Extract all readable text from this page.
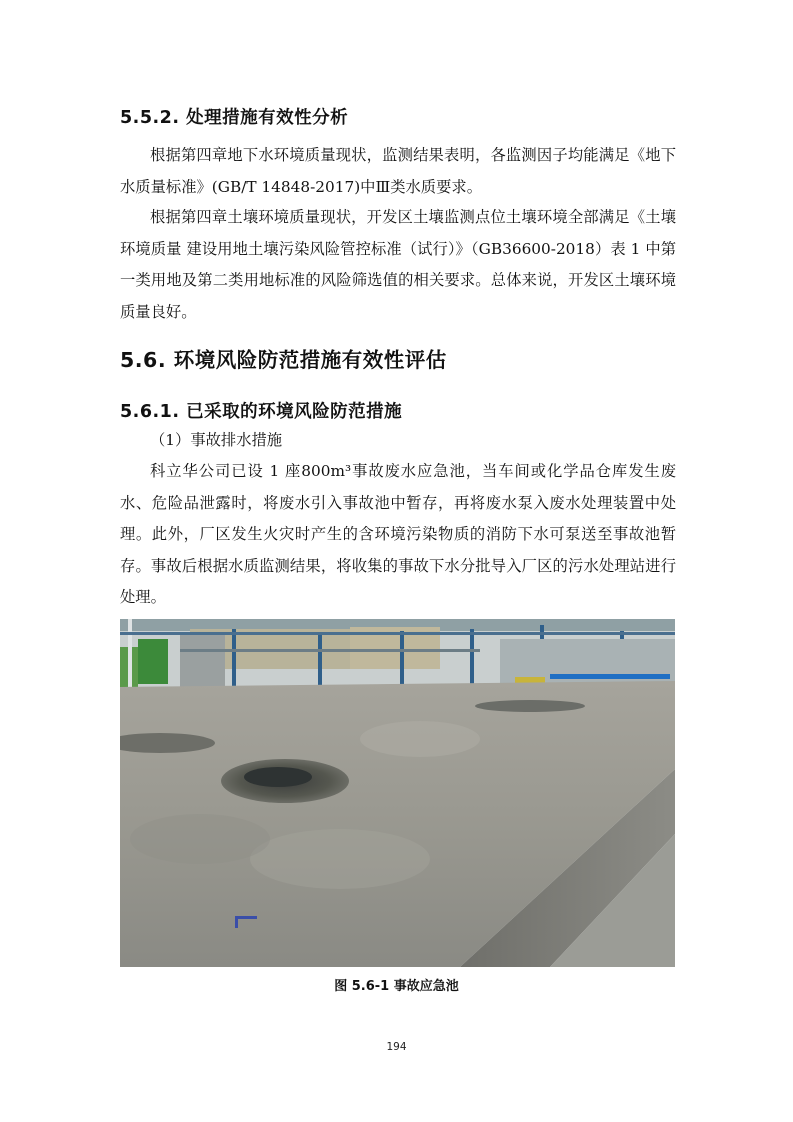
5.5.2. 处理措施有效性分析

根据第四章地下水环境质量现状，监测结果表明，各监测因子均能满足《地下水质量标准》(GB/T 14848-2017)中Ⅲ类水质要求。

根据第四章土壤环境质量现状，开发区土壤监测点位土壤环境全部满足《土壤环境质量 建设用地土壤污染风险管控标准（试行）》（GB36600-2018）表 1 中第一类用地及第二类用地标准的风险筛选值的相关要求。总体来说，开发区土壤环境质量良好。

5.6. 环境风险防范措施有效性评估
5.6.1. 已采取的环境风险防范措施

（1）事故排水措施

科立华公司已设 1 座800m³事故废水应急池，当车间或化学品仓库发生废水、危险品泄露时，将废水引入事故池中暂存，再将废水泵入废水处理装置中处理。此外，厂区发生火灾时产生的含环境污染物质的消防下水可泵送至事故池暂存。事故后根据水质监测结果，将收集的事故下水分批导入厂区的污水处理站进行处理。

图 5.6-1 事故应急池

194
